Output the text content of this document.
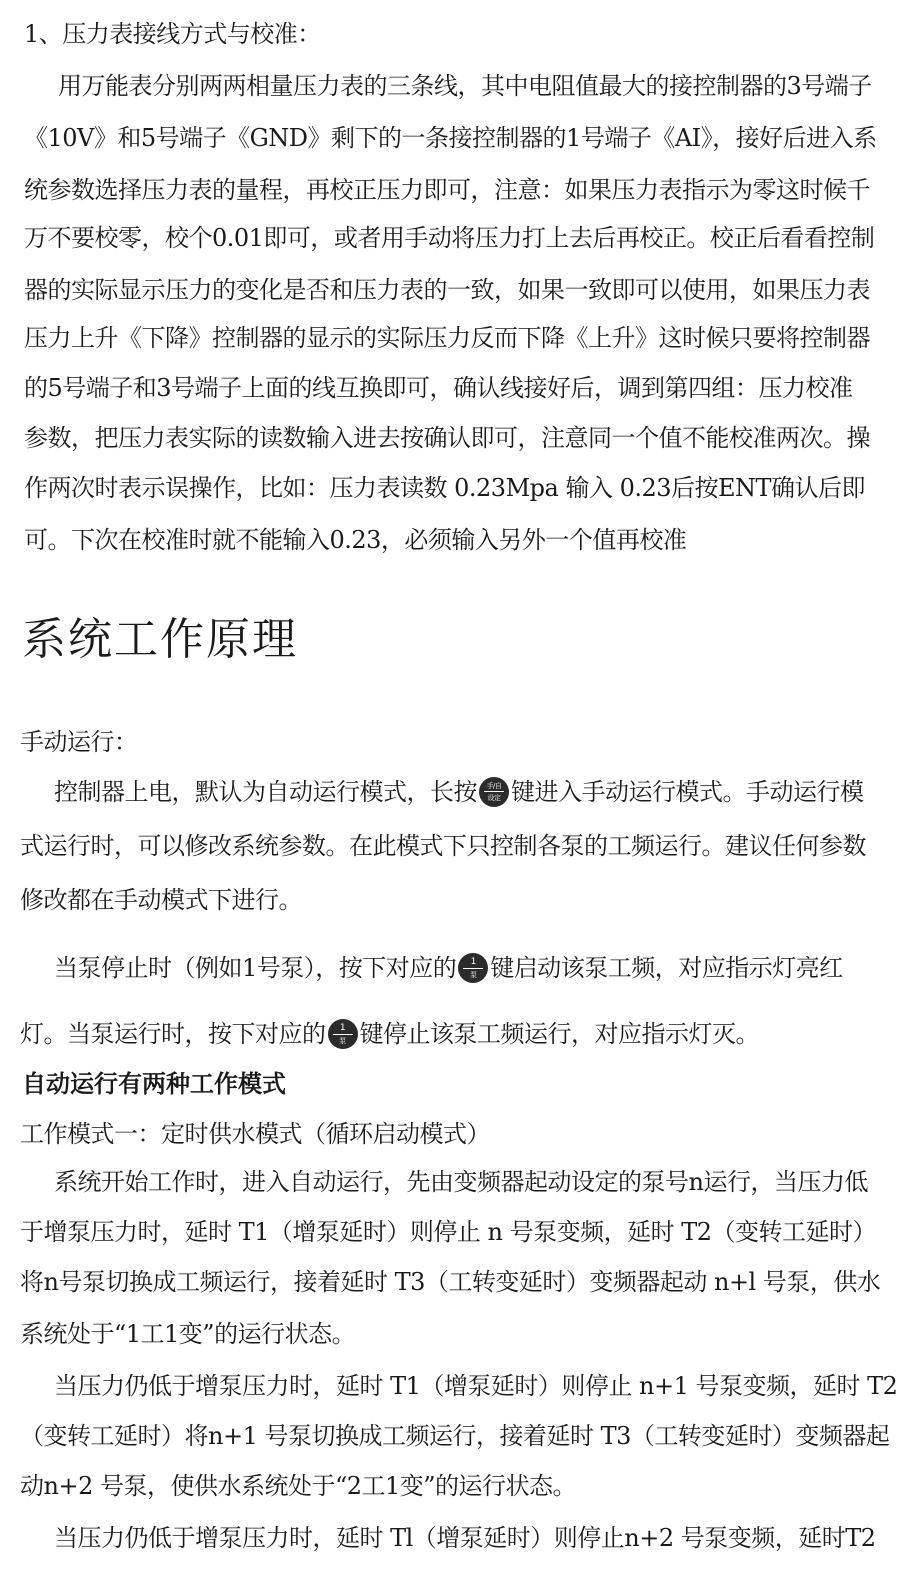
1、压力表接线方式与校准：

用万能表分别两两相量压力表的三条线，其中电阻值最大的接控制器的3号端子

《10V》和5号端子《GND》剩下的一条接控制器的1号端子《AI》，接好后进入系

统参数选择压力表的量程，再校正压力即可，注意：如果压力表指示为零这时候千

万不要校零，校个0.01即可，或者用手动将压力打上去后再校正。校正后看看控制

器的实际显示压力的变化是否和压力表的一致，如果一致即可以使用，如果压力表

压力上升《下降》控制器的显示的实际压力反而下降《上升》这时候只要将控制器

的5号端子和3号端子上面的线互换即可，确认线接好后，调到第四组：压力校准

参数，把压力表实际的读数输入进去按确认即可，注意同一个值不能校准两次。操

作两次时表示误操作，比如：压力表读数 0.23Mpa 输入 0.23后按ENT确认后即

可。下次在校准时就不能输入0.23，必须输入另外一个值再校准

系统工作原理

手动运行：

控制器上电，默认为自动运行模式，长按	手/自
设定 键进入手动运行模式。手动运行模

式运行时，可以修改系统参数。在此模式下只控制各泵的工频运行。建议任何参数

修改都在手动模式下进行。

当泵停止时（例如1号泵），按下对应的	1
泵 键启动该泵工频，对应指示灯亮红

灯。当泵运行时，按下对应的	1
泵 键停止该泵工频运行，对应指示灯灭。

自动运行有两种工作模式

工作模式一：定时供水模式（循环启动模式）

系统开始工作时，进入自动运行，先由变频器起动设定的泵号n运行，当压力低

于增泵压力时，延时 T1（增泵延时）则停止 n 号泵变频，延时 T2（变转工延时）

将n号泵切换成工频运行，接着延时 T3（工转变延时）变频器起动 n+l 号泵，供水

系统处于“1工1变”的运行状态。

当压力仍低于增泵压力时，延时 T1（增泵延时）则停止 n+1 号泵变频，延时 T2

（变转工延时）将n+1 号泵切换成工频运行，接着延时 T3（工转变延时）变频器起

动n+2 号泵，使供水系统处于“2工1变”的运行状态。

当压力仍低于增泵压力时，延时 Tl（增泵延时）则停止n+2 号泵变频，延时T2
